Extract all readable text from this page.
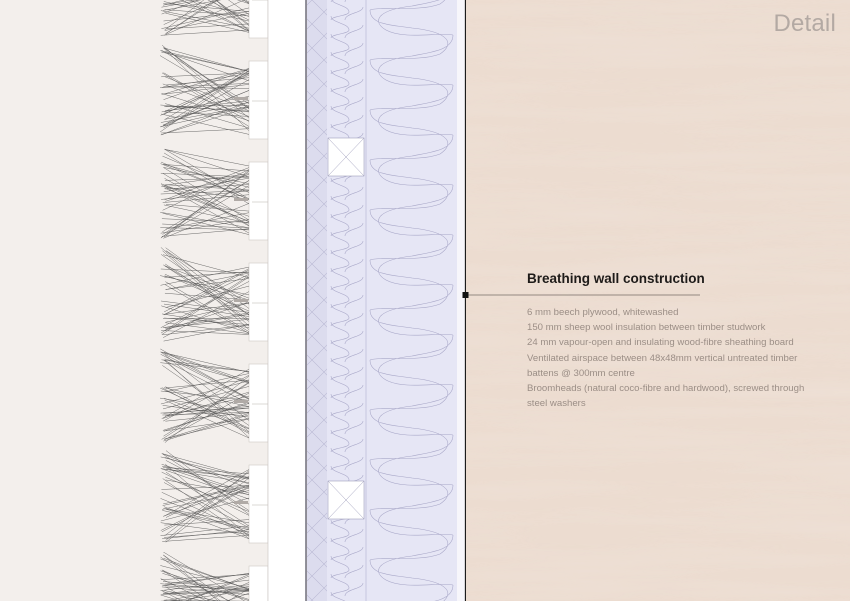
Detail
Breathing wall construction
6 mm beech plywood, whitewashed
150 mm sheep wool insulation between timber studwork
24 mm vapour-open and insulating wood-fibre sheathing board
Ventilated airspace between 48x48mm vertical untreated timber battens @ 300mm centre
Broomheads (natural coco-fibre and hardwood), screwed through steel washers
